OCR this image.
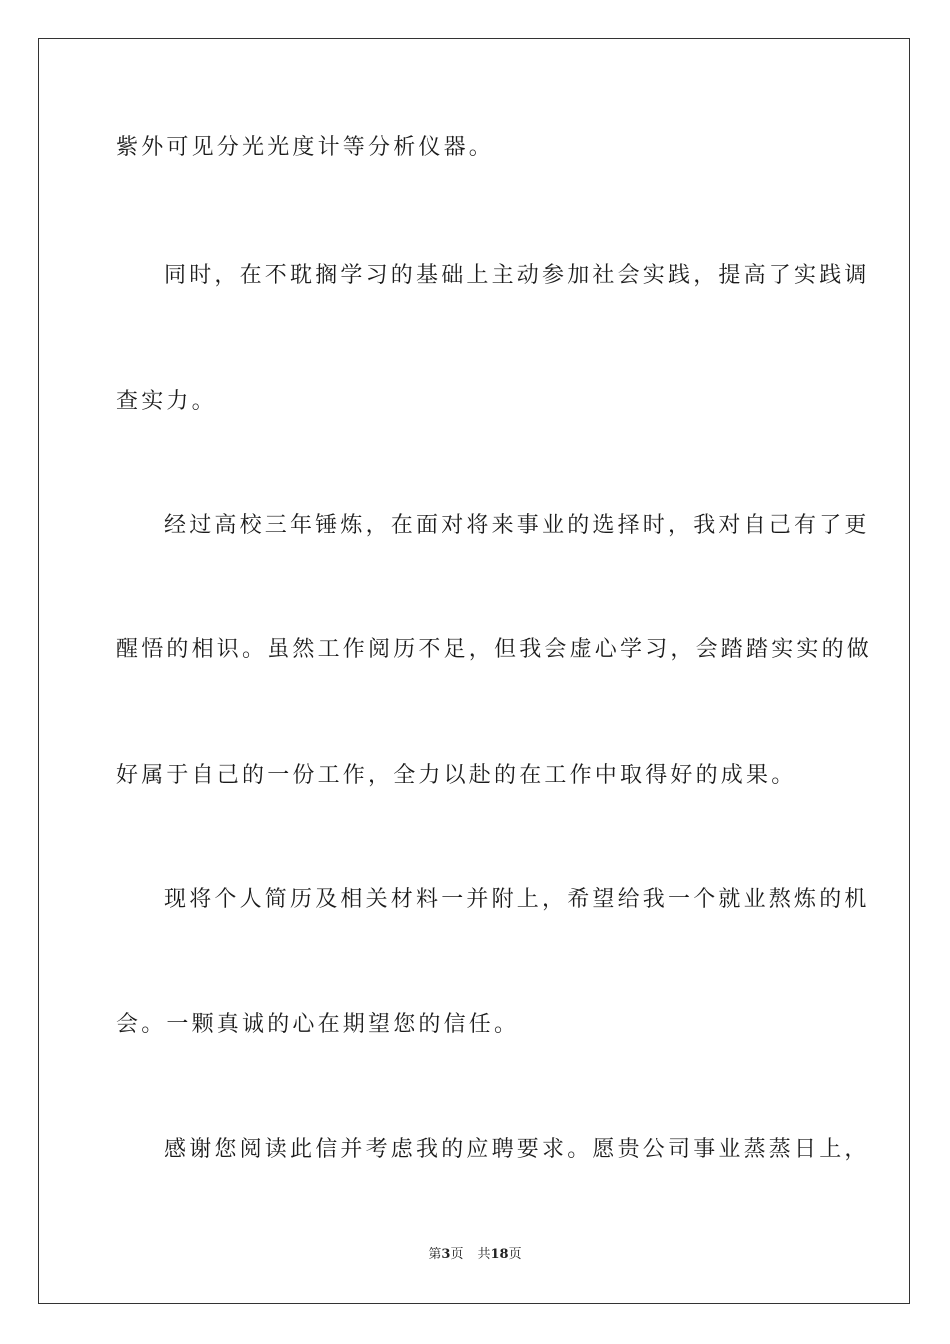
紫外可见分光光度计等分析仪器。
同时，在不耽搁学习的基础上主动参加社会实践，提高了实践调
查实力。
经过高校三年锤炼，在面对将来事业的选择时，我对自己有了更
醒悟的相识。虽然工作阅历不足，但我会虚心学习，会踏踏实实的做
好属于自己的一份工作，全力以赴的在工作中取得好的成果。
现将个人简历及相关材料一并附上，希望给我一个就业熬炼的机
会。一颗真诚的心在期望您的信任。
感谢您阅读此信并考虑我的应聘要求。愿贵公司事业蒸蒸日上，
第3页 共18页
